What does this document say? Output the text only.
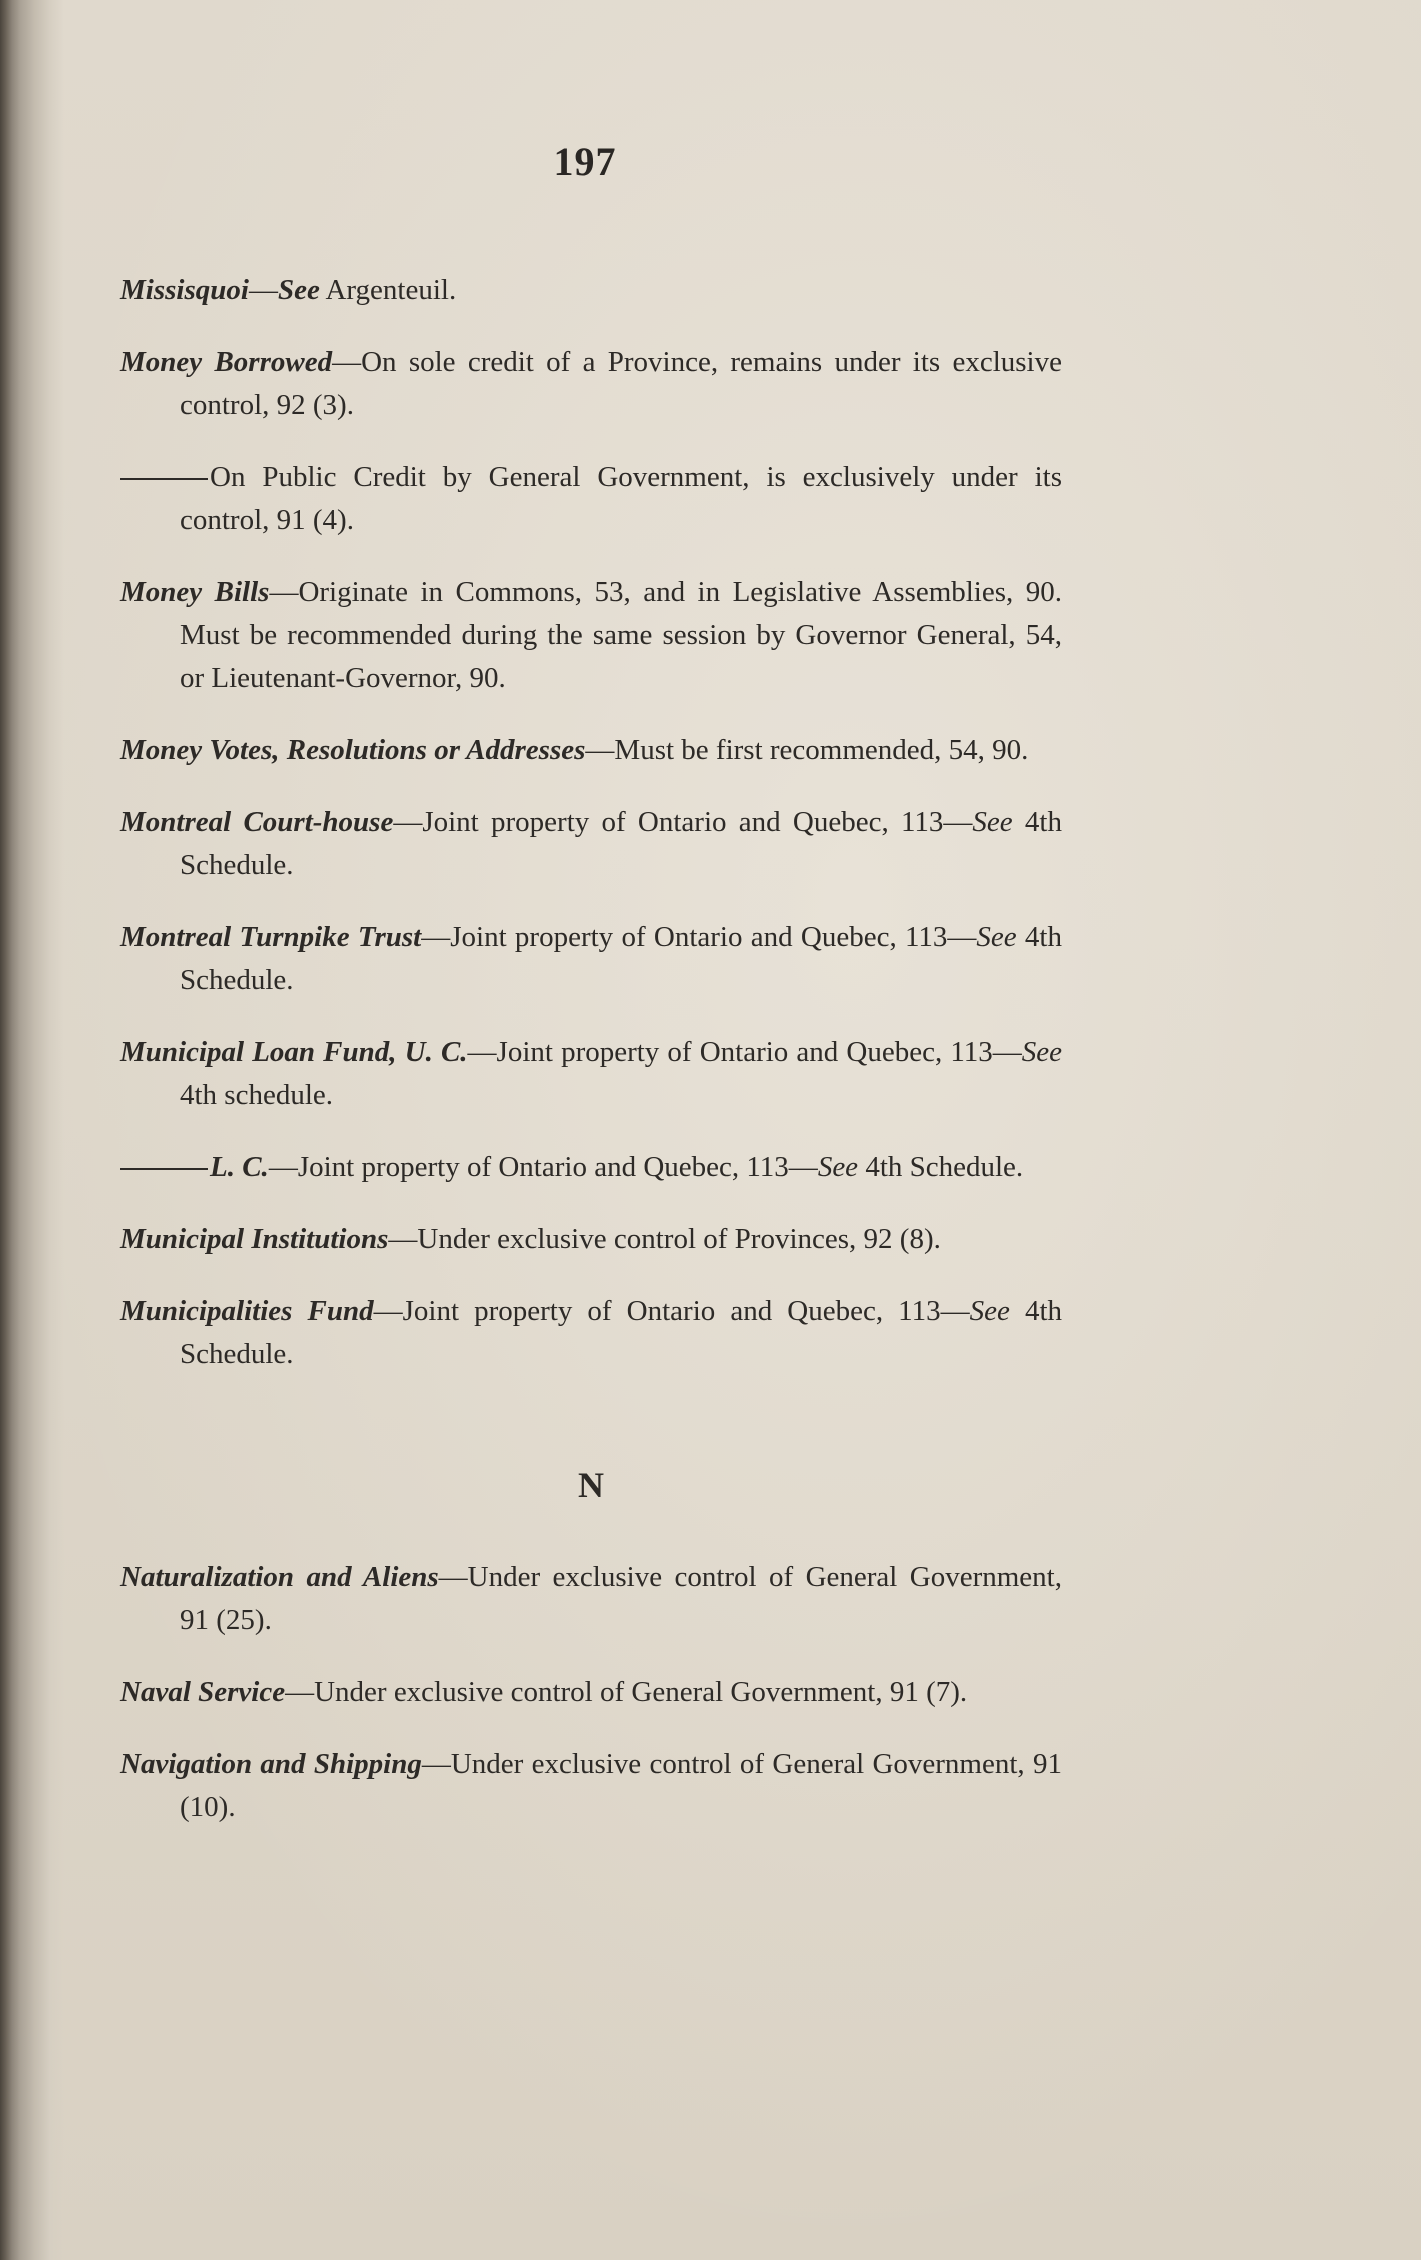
197

Missisquoi—See Argenteuil.

Money Borrowed—On sole credit of a Province, remains under its exclusive control, 92 (3).

On Public Credit by General Government, is exclusively under its control, 91 (4).

Money Bills—Originate in Commons, 53, and in Legislative Assemblies, 90. Must be recommended during the same session by Governor General, 54, or Lieutenant-Governor, 90.

Money Votes, Resolutions or Addresses—Must be first recommended, 54, 90.

Montreal Court-house—Joint property of Ontario and Quebec, 113—See 4th Schedule.

Montreal Turnpike Trust—Joint property of Ontario and Quebec, 113—See 4th Schedule.

Municipal Loan Fund, U. C.—Joint property of Ontario and Quebec, 113—See 4th schedule.

L. C.—Joint property of Ontario and Quebec, 113—See 4th Schedule.

Municipal Institutions—Under exclusive control of Provinces, 92 (8).

Municipalities Fund—Joint property of Ontario and Quebec, 113—See 4th Schedule.

N

Naturalization and Aliens—Under exclusive control of General Government, 91 (25).

Naval Service—Under exclusive control of General Government, 91 (7).

Navigation and Shipping—Under exclusive control of General Government, 91 (10).
